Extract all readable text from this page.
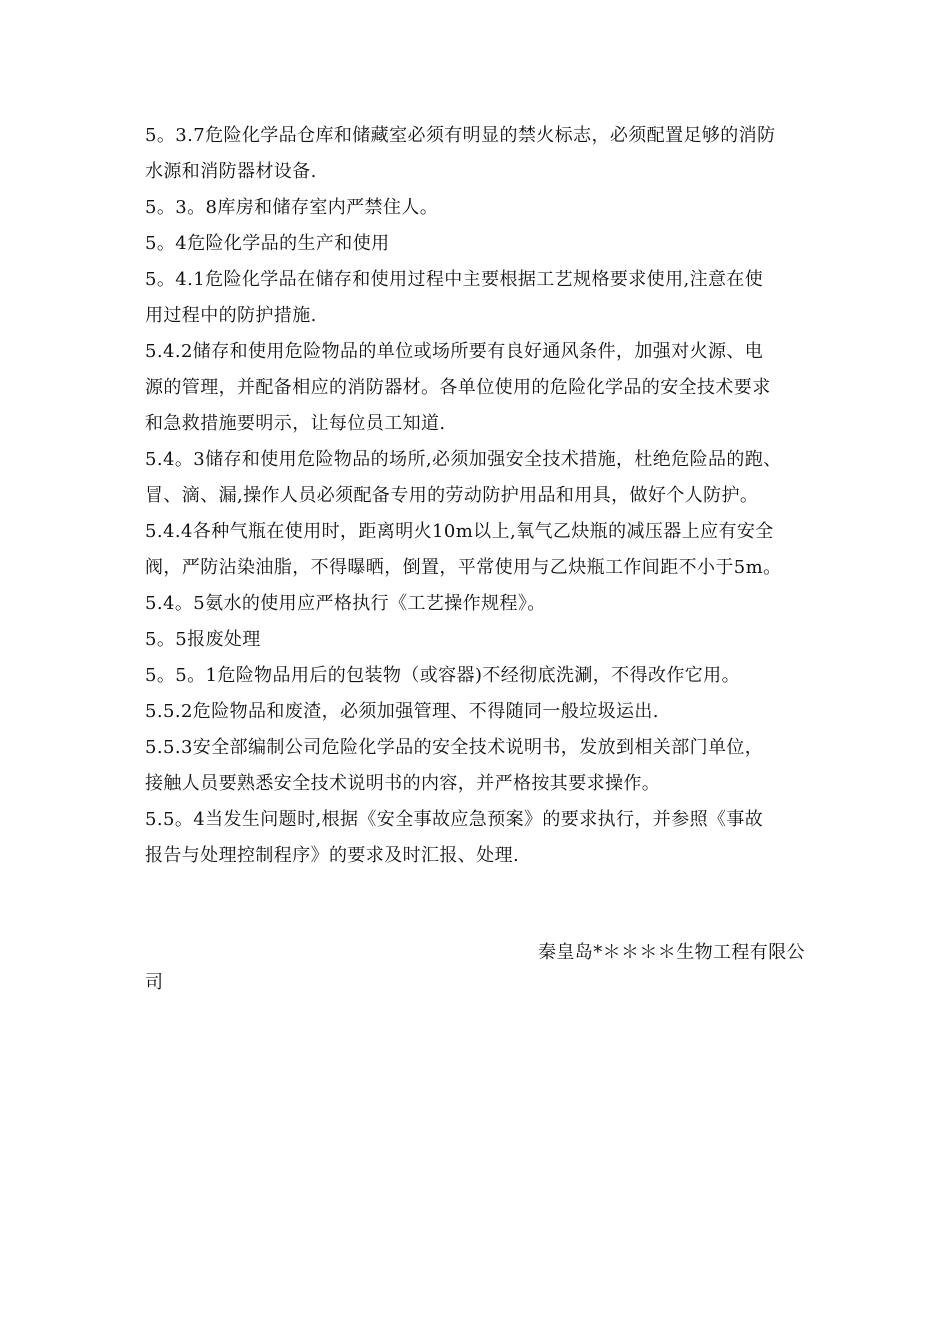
5。3.7危险化学品仓库和储藏室必须有明显的禁火标志，必须配置足够的消防
水源和消防器材设备.
5。3。8库房和储存室内严禁住人。
5。4危险化学品的生产和使用
5。4.1危险化学品在储存和使用过程中主要根据工艺规格要求使用,注意在使
用过程中的防护措施.
5.4.2储存和使用危险物品的单位或场所要有良好通风条件，加强对火源、电
源的管理，并配备相应的消防器材。各单位使用的危险化学品的安全技术要求
和急救措施要明示，让每位员工知道.
5.4。3储存和使用危险物品的场所,必须加强安全技术措施，杜绝危险品的跑、
冒、滴、漏,操作人员必须配备专用的劳动防护用品和用具，做好个人防护。
5.4.4各种气瓶在使用时，距离明火10m以上,氧气乙炔瓶的减压器上应有安全
阀，严防沾染油脂，不得曝晒，倒置，平常使用与乙炔瓶工作间距不小于5m。
5.4。5氨水的使用应严格执行《工艺操作规程》。
5。5报废处理
5。5。1危险物品用后的包装物（或容器)不经彻底洗涮，不得改作它用。
5.5.2危险物品和废渣，必须加强管理、不得随同一般垃圾运出.
5.5.3安全部编制公司危险化学品的安全技术说明书，发放到相关部门单位，
接触人员要熟悉安全技术说明书的内容，并严格按其要求操作。
5.5。4当发生问题时,根据《安全事故应急预案》的要求执行，并参照《事故
报告与处理控制程序》的要求及时汇报、处理.
秦皇岛*＊＊＊＊生物工程有限公
司
